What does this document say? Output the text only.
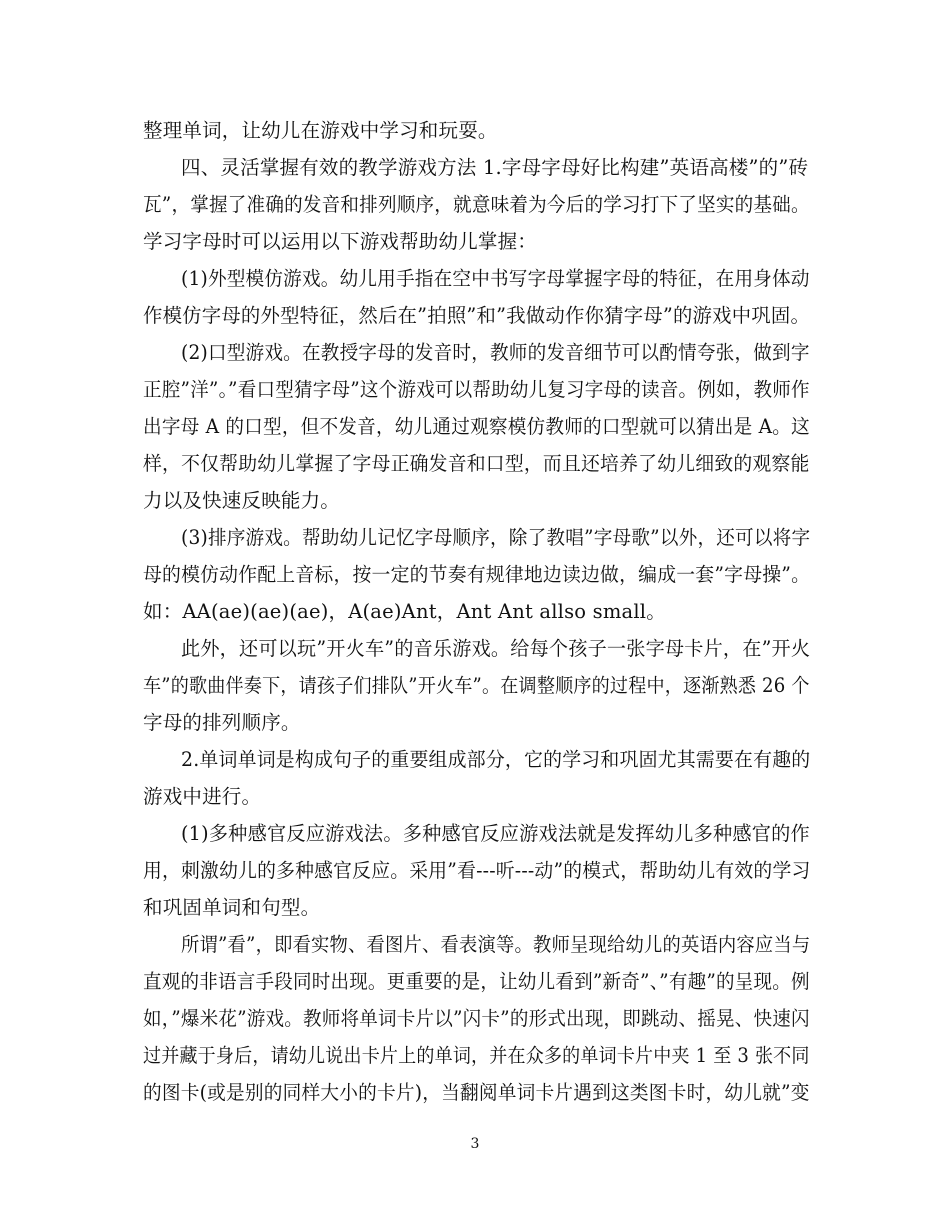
整理单词，让幼儿在游戏中学习和玩耍。
四、灵活掌握有效的教学游戏方法 1.字母字母好比构建”英语高楼”的”砖
瓦”，掌握了准确的发音和排列顺序，就意味着为今后的学习打下了坚实的基础。
学习字母时可以运用以下游戏帮助幼儿掌握：
(1)外型模仿游戏。幼儿用手指在空中书写字母掌握字母的特征，在用身体动
作模仿字母的外型特征，然后在”拍照”和”我做动作你猜字母”的游戏中巩固。
(2)口型游戏。在教授字母的发音时，教师的发音细节可以酌情夸张，做到字
正腔”洋”。”看口型猜字母”这个游戏可以帮助幼儿复习字母的读音。例如，教师作
出字母 A 的口型，但不发音，幼儿通过观察模仿教师的口型就可以猜出是 A。这
样，不仅帮助幼儿掌握了字母正确发音和口型，而且还培养了幼儿细致的观察能
力以及快速反映能力。
(3)排序游戏。帮助幼儿记忆字母顺序，除了教唱”字母歌”以外，还可以将字
母的模仿动作配上音标，按一定的节奏有规律地边读边做，编成一套”字母操”。
如：AA(ae)(ae)(ae)，A(ae)Ant，Ant Ant allso small。
此外，还可以玩”开火车”的音乐游戏。给每个孩子一张字母卡片，在”开火
车”的歌曲伴奏下，请孩子们排队”开火车”。在调整顺序的过程中，逐渐熟悉 26 个
字母的排列顺序。
2.单词单词是构成句子的重要组成部分，它的学习和巩固尤其需要在有趣的
游戏中进行。
(1)多种感官反应游戏法。多种感官反应游戏法就是发挥幼儿多种感官的作
用，刺激幼儿的多种感官反应。采用”看---听---动”的模式，帮助幼儿有效的学习
和巩固单词和句型。
所谓”看”，即看实物、看图片、看表演等。教师呈现给幼儿的英语内容应当与
直观的非语言手段同时出现。更重要的是，让幼儿看到”新奇”、”有趣”的呈现。例
如，”爆米花”游戏。教师将单词卡片以”闪卡”的形式出现，即跳动、摇晃、快速闪
过并藏于身后，请幼儿说出卡片上的单词，并在众多的单词卡片中夹 1 至 3 张不同
的图卡(或是别的同样大小的卡片)，当翻阅单词卡片遇到这类图卡时，幼儿就”变
3
